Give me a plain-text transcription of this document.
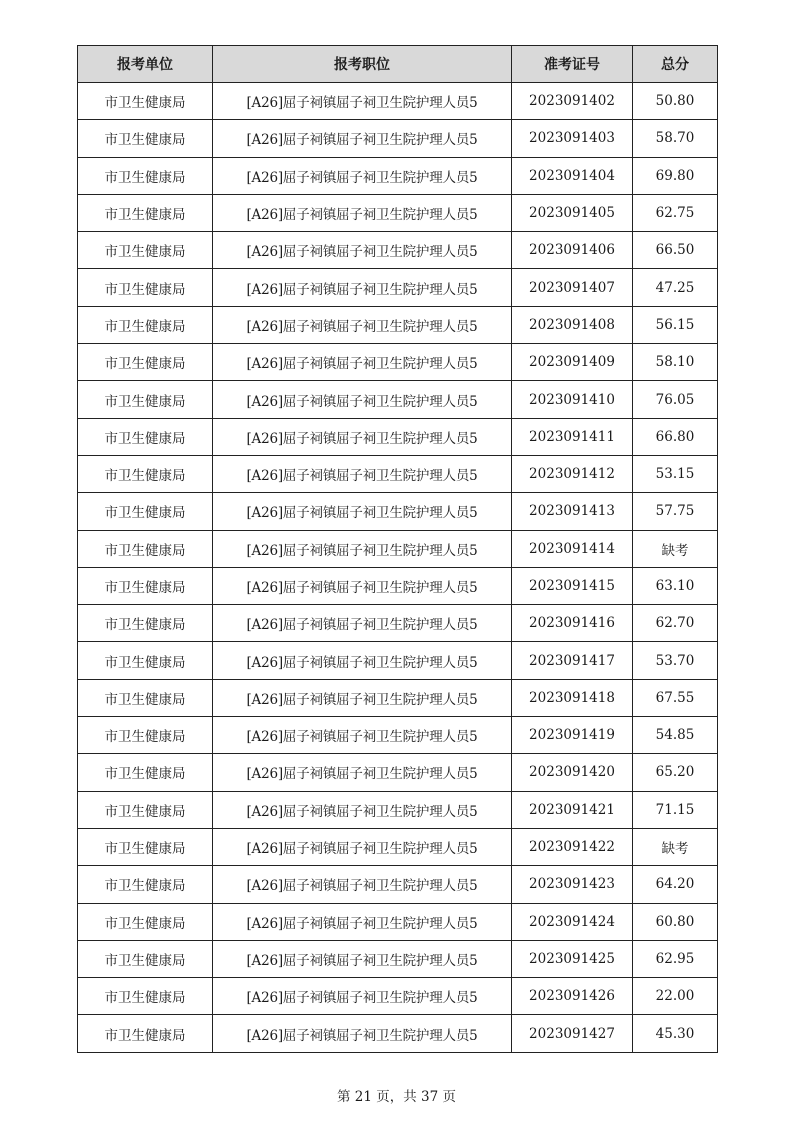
报考单位	报考职位	准考证号	总分
市卫生健康局	[A26]屈子祠镇屈子祠卫生院护理人员5	2023091402	50.80
市卫生健康局	[A26]屈子祠镇屈子祠卫生院护理人员5	2023091403	58.70
市卫生健康局	[A26]屈子祠镇屈子祠卫生院护理人员5	2023091404	69.80
市卫生健康局	[A26]屈子祠镇屈子祠卫生院护理人员5	2023091405	62.75
市卫生健康局	[A26]屈子祠镇屈子祠卫生院护理人员5	2023091406	66.50
市卫生健康局	[A26]屈子祠镇屈子祠卫生院护理人员5	2023091407	47.25
市卫生健康局	[A26]屈子祠镇屈子祠卫生院护理人员5	2023091408	56.15
市卫生健康局	[A26]屈子祠镇屈子祠卫生院护理人员5	2023091409	58.10
市卫生健康局	[A26]屈子祠镇屈子祠卫生院护理人员5	2023091410	76.05
市卫生健康局	[A26]屈子祠镇屈子祠卫生院护理人员5	2023091411	66.80
市卫生健康局	[A26]屈子祠镇屈子祠卫生院护理人员5	2023091412	53.15
市卫生健康局	[A26]屈子祠镇屈子祠卫生院护理人员5	2023091413	57.75
市卫生健康局	[A26]屈子祠镇屈子祠卫生院护理人员5	2023091414	缺考
市卫生健康局	[A26]屈子祠镇屈子祠卫生院护理人员5	2023091415	63.10
市卫生健康局	[A26]屈子祠镇屈子祠卫生院护理人员5	2023091416	62.70
市卫生健康局	[A26]屈子祠镇屈子祠卫生院护理人员5	2023091417	53.70
市卫生健康局	[A26]屈子祠镇屈子祠卫生院护理人员5	2023091418	67.55
市卫生健康局	[A26]屈子祠镇屈子祠卫生院护理人员5	2023091419	54.85
市卫生健康局	[A26]屈子祠镇屈子祠卫生院护理人员5	2023091420	65.20
市卫生健康局	[A26]屈子祠镇屈子祠卫生院护理人员5	2023091421	71.15
市卫生健康局	[A26]屈子祠镇屈子祠卫生院护理人员5	2023091422	缺考
市卫生健康局	[A26]屈子祠镇屈子祠卫生院护理人员5	2023091423	64.20
市卫生健康局	[A26]屈子祠镇屈子祠卫生院护理人员5	2023091424	60.80
市卫生健康局	[A26]屈子祠镇屈子祠卫生院护理人员5	2023091425	62.95
市卫生健康局	[A26]屈子祠镇屈子祠卫生院护理人员5	2023091426	22.00
市卫生健康局	[A26]屈子祠镇屈子祠卫生院护理人员5	2023091427	45.30
第 21 页，共 37 页
